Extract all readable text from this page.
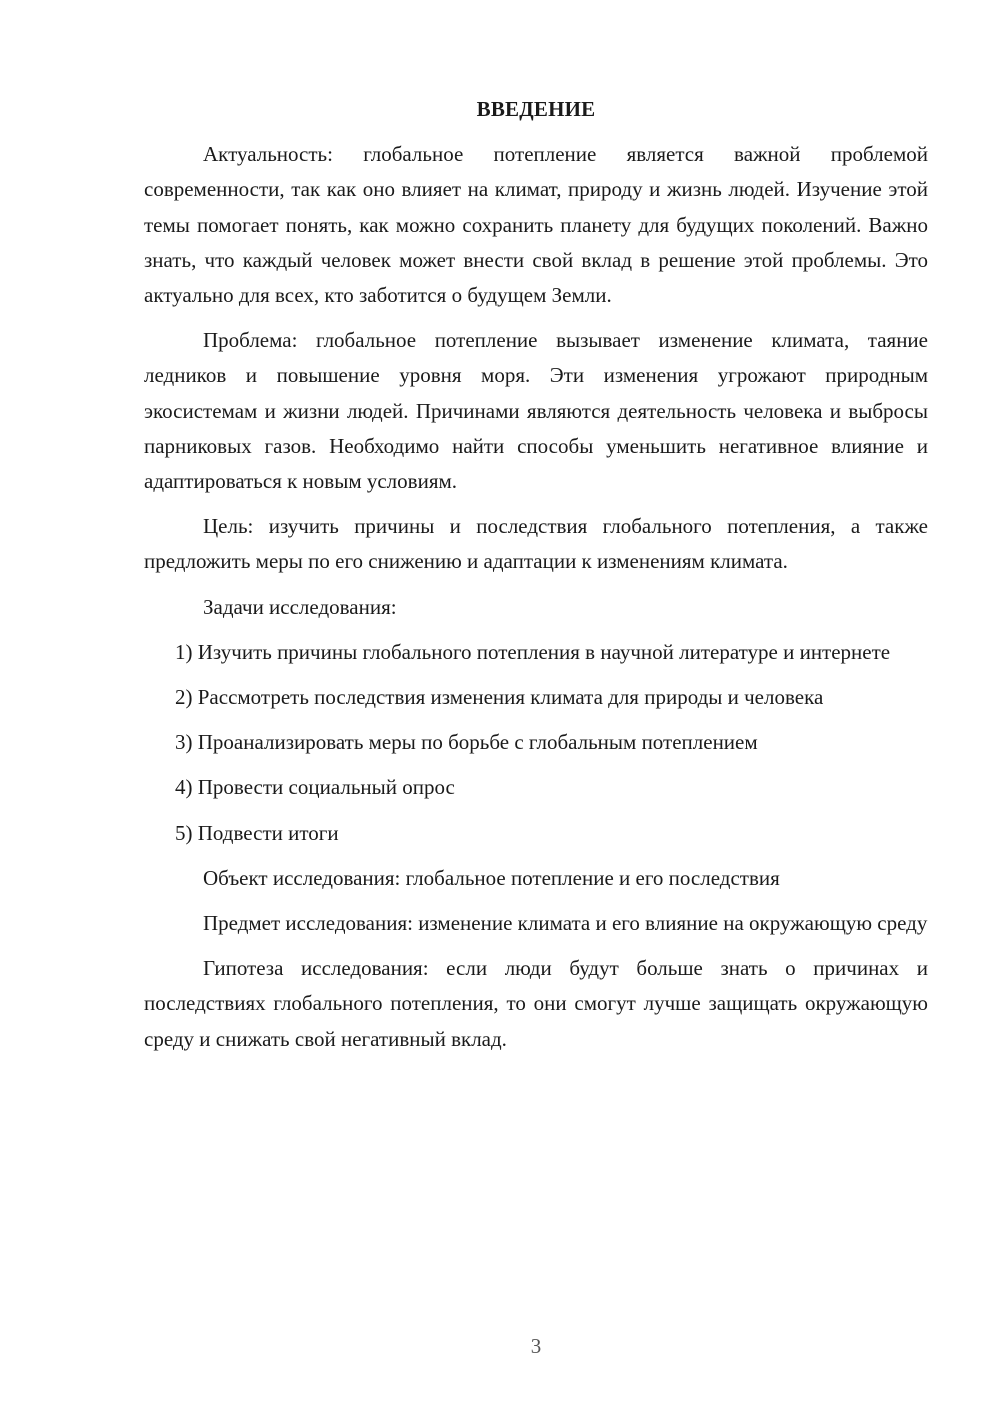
ВВЕДЕНИЕ

Актуальность: глобальное потепление является важной проблемой современности, так как оно влияет на климат, природу и жизнь людей. Изучение этой темы помогает понять, как можно сохранить планету для будущих поколений. Важно знать, что каждый человек может внести свой вклад в решение этой проблемы. Это актуально для всех, кто заботится о будущем Земли.

Проблема: глобальное потепление вызывает изменение климата, таяние ледников и повышение уровня моря. Эти изменения угрожают природным экосистемам и жизни людей. Причинами являются деятельность человека и выбросы парниковых газов. Необходимо найти способы уменьшить негативное влияние и адаптироваться к новым условиям.

Цель: изучить причины и последствия глобального потепления, а также предложить меры по его снижению и адаптации к изменениям климата.

Задачи исследования:

1) Изучить причины глобального потепления в научной литературе и интернете

2) Рассмотреть последствия изменения климата для природы и человека

3) Проанализировать меры по борьбе с глобальным потеплением

4) Провести социальный опрос

5) Подвести итоги

Объект исследования: глобальное потепление и его последствия

Предмет исследования: изменение климата и его влияние на окружающую среду

Гипотеза исследования: если люди будут больше знать о причинах и последствиях глобального потепления, то они смогут лучше защищать окружающую среду и снижать свой негативный вклад.

3
